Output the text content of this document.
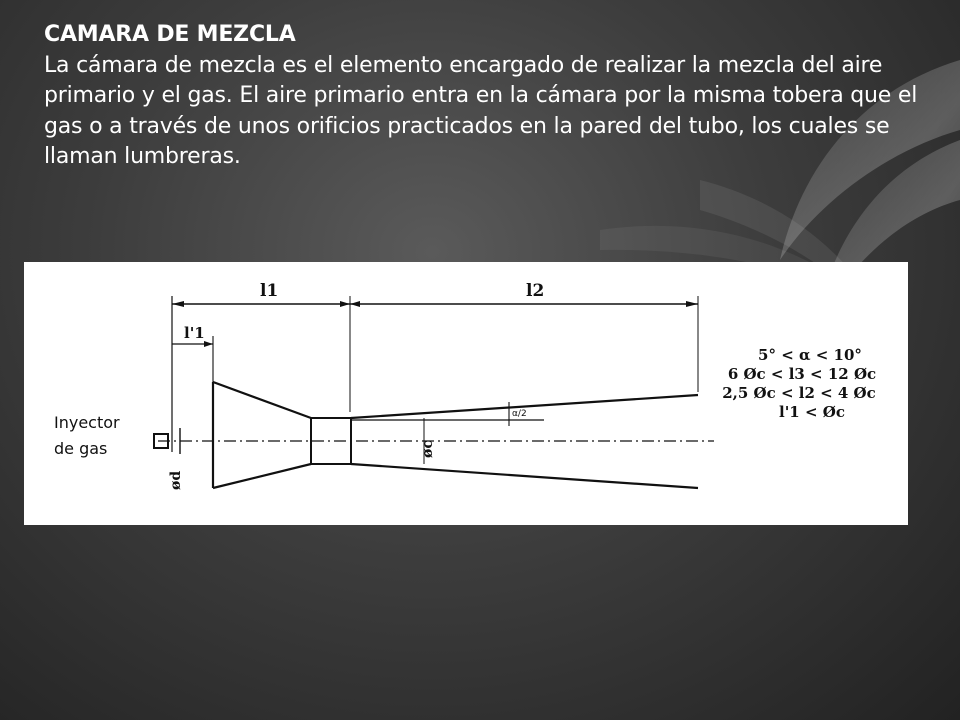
CAMARA DE MEZCLA
La cámara de mezcla es el elemento encargado de realizar la mezcla del aire primario y el gas. El aire primario entra en la cámara por la misma tobera que el gas o a través de unos orificios practicados en la pared del tubo, los cuales se llaman lumbreras.
l1	l2
l'1
α/2
øc
ød
Inyector
de gas
5° < α < 10°
6 Øc < l3 < 12 Øc
2,5 Øc < l2 < 4 Øc
l'1 < Øc
